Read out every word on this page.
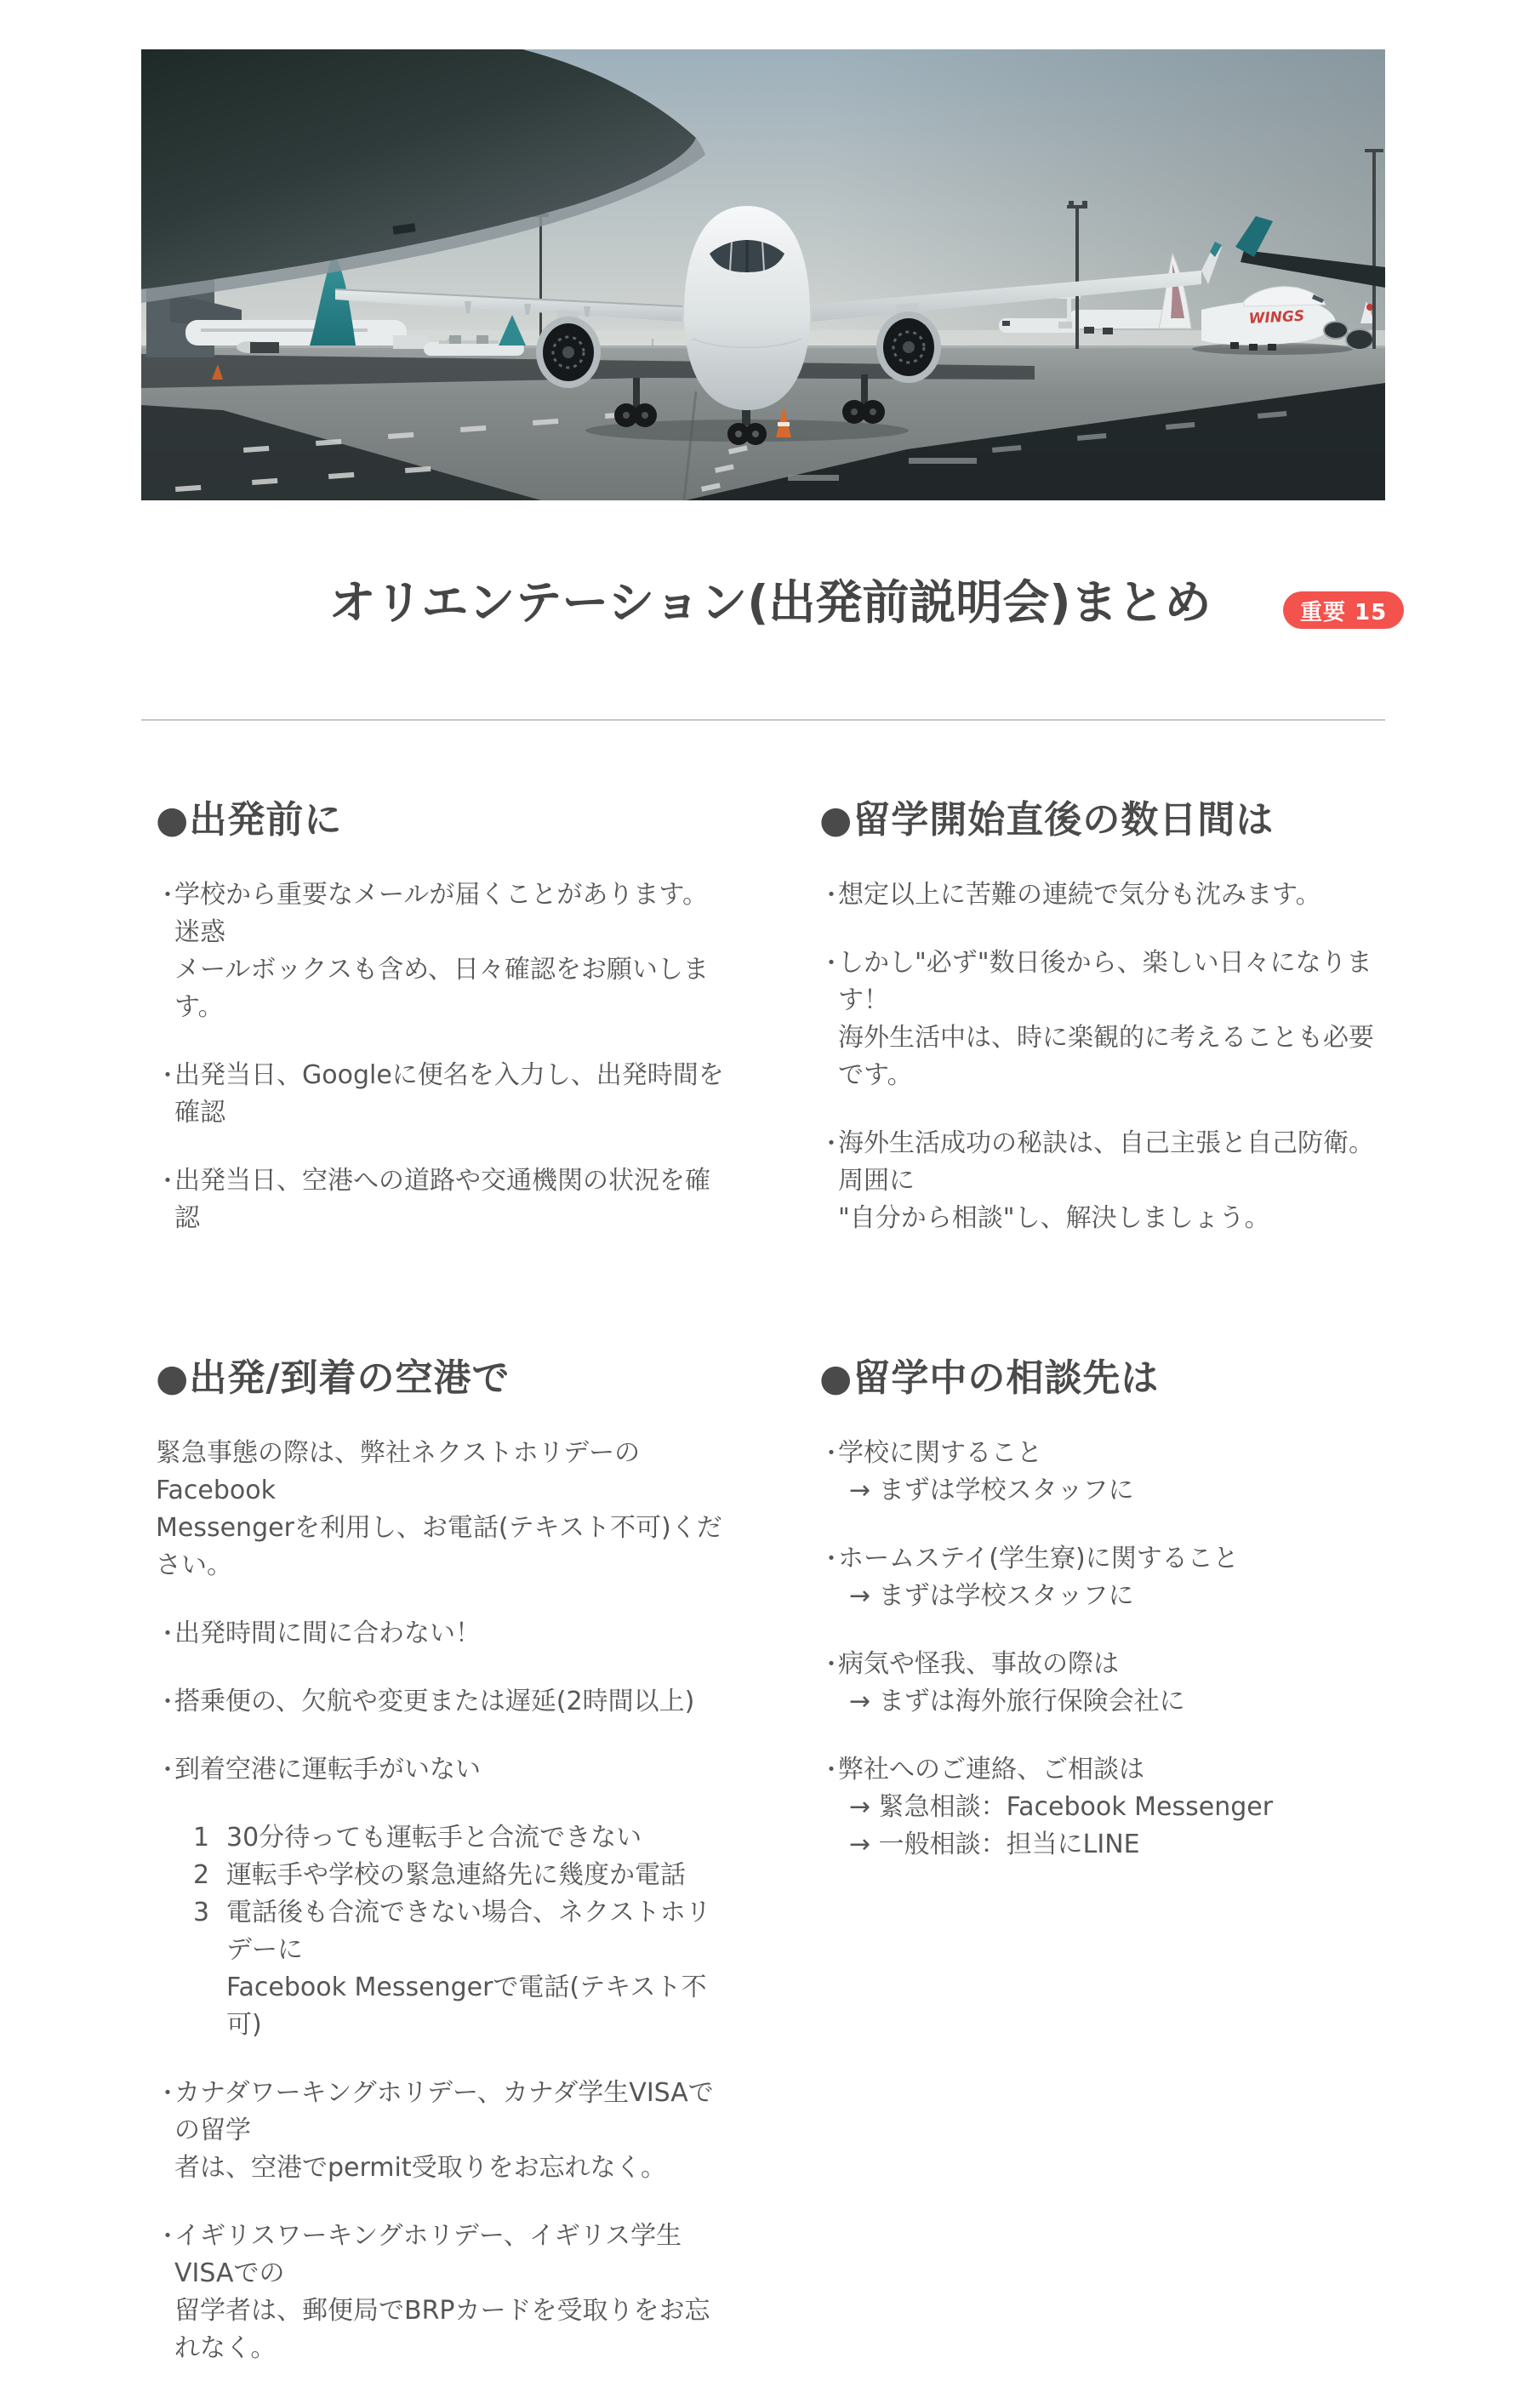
WINGS
オリエンテーション(出発前説明会)まとめ	重要 15
●出発前に
・
学校から重要なメールが届くことがあります。迷惑
メールボックスも含め、日々確認をお願いします。
・
出発当日、Googleに便名を入力し、出発時間を確認
・
出発当日、空港への道路や交通機関の状況を確認
●出発/到着の空港で
緊急事態の際は、弊社ネクストホリデーのFacebook
Messengerを利用し、お電話(テキスト不可)ください。
・
出発時間に間に合わない！
・
搭乗便の、欠航や変更または遅延(2時間以上)
・
到着空港に運転手がいない
1 30分待っても運転手と合流できない
2 運転手や学校の緊急連絡先に幾度か電話
3 電話後も合流できない場合、ネクストホリデーに
Facebook Messengerで電話(テキスト不可)
・
カナダワーキングホリデー、カナダ学生VISAでの留学
者は、空港でpermit受取りをお忘れなく。
・
イギリスワーキングホリデー、イギリス学生VISAでの
留学者は、郵便局でBRPカードを受取りをお忘れなく。
●留学開始直後の数日間は
・
想定以上に苦難の連続で気分も沈みます。
・
しかし"必ず"数日後から、楽しい日々になります！
海外生活中は、時に楽観的に考えることも必要です。
・
海外生活成功の秘訣は、自己主張と自己防衛。周囲に
"自分から相談"し、解決しましょう。
●留学中の相談先は
・
学校に関すること
→ まずは学校スタッフに
・
ホームステイ(学生寮)に関すること
→ まずは学校スタッフに
・
病気や怪我、事故の際は
→ まずは海外旅行保険会社に
・
弊社へのご連絡、ご相談は
→ 緊急相談：Facebook Messenger
→ 一般相談：担当にLINE
